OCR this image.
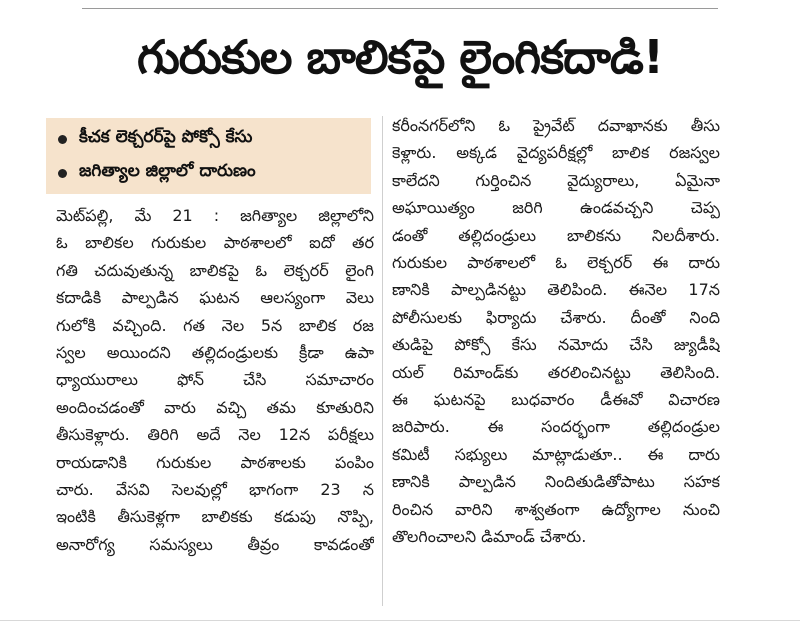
గురుకుల బాలికపై లైంగికదాడి!
కీచక లెక్చరర్‌పై పోక్సో కేసు
జగిత్యాల జిల్లాలో దారుణం
మెట్‌పల్లి, మే 21 : జగిత్యాల జిల్లాలోని
ఓ బాలికల గురుకుల పాఠశాలలో ఐదో తర
గతి చదువుతున్న బాలికపై ఓ లెక్చరర్ లైంగి
కదాడికి పాల్పడిన ఘటన ఆలస్యంగా వెలు
గులోకి వచ్చింది. గత నెల 5న బాలిక రజ
స్వల అయిందని తల్లిదండ్రులకు క్రీడా ఉపా
ధ్యాయురాలు ఫోన్ చేసి సమాచారం
అందించడంతో వారు వచ్చి తమ కూతురిని
తీసుకెళ్లారు. తిరిగి అదే నెల 12న పరీక్షలు
రాయడానికి గురుకుల పాఠశాలకు పంపిం
చారు. వేసవి సెలవుల్లో భాగంగా 23 న
ఇంటికి తీసుకెళ్లగా బాలికకు కడుపు నొప్పి,
అనారోగ్య సమస్యలు తీవ్రం కావడంతో
కరీంనగర్‌లోని ఓ ప్రైవేట్ దవాఖానకు తీసు
కెళ్లారు. అక్కడ వైద్యపరీక్షల్లో బాలిక రజస్వల
కాలేదని గుర్తించిన వైద్యురాలు, ఏమైనా
అఘాయిత్యం జరిగి ఉండవచ్చని చెప్ప
డంతో తల్లిదండ్రులు బాలికను నిలదీశారు.
గురుకుల పాఠశాలలో ఓ లెక్చరర్ ఈ దారు
ణానికి పాల్పడినట్టు తెలిపింది. ఈనెల 17న
పోలీసులకు ఫిర్యాదు చేశారు. దీంతో నింది
తుడిపై పోక్సో కేసు నమోదు చేసి జ్యుడీషి
యల్ రిమాండ్‌కు తరలించినట్టు తెలిసింది.
ఈ ఘటనపై బుధవారం డీఈవో విచారణ
జరిపారు. ఈ సందర్భంగా తల్లిదండ్రుల
కమిటీ సభ్యులు మాట్లాడుతూ.. ఈ దారు
ణానికి పాల్పడిన నిందితుడితోపాటు సహక
రించిన వారిని శాశ్వతంగా ఉద్యోగాల నుంచి
తొలగించాలని డిమాండ్ చేశారు.
